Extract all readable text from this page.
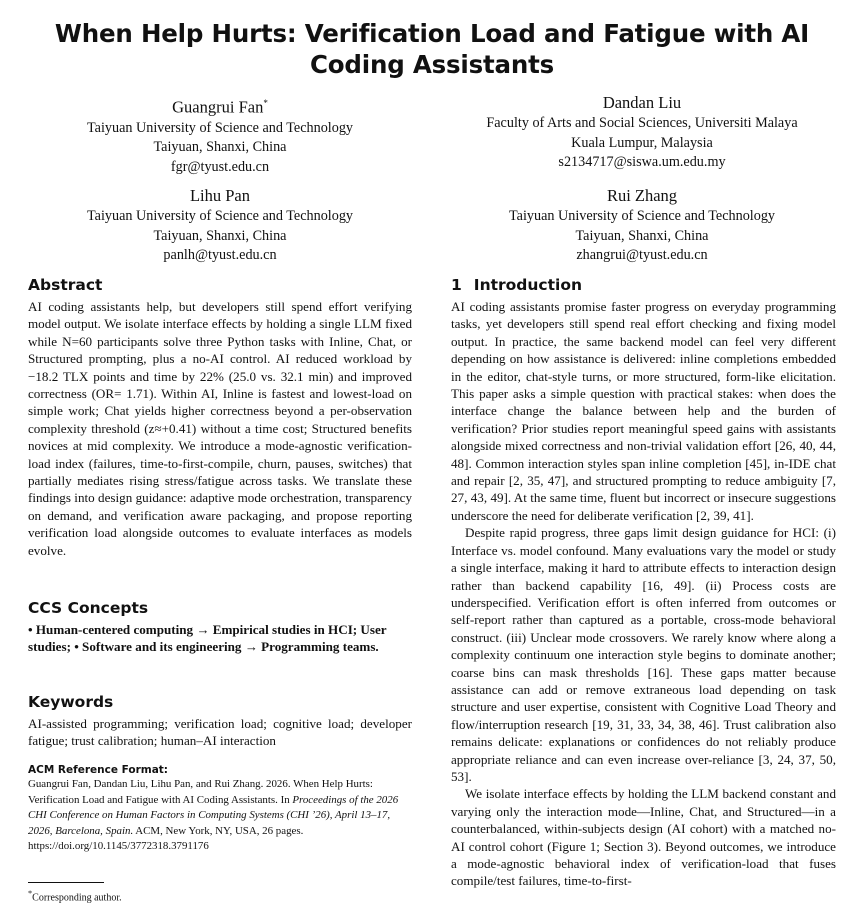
When Help Hurts: Verification Load and Fatigue with AI Coding Assistants
Guangrui Fan*
Taiyuan University of Science and Technology
Taiyuan, Shanxi, China
fgr@tyust.edu.cn
Dandan Liu
Faculty of Arts and Social Sciences, Universiti Malaya
Kuala Lumpur, Malaysia
s2134717@siswa.um.edu.my
Lihu Pan
Taiyuan University of Science and Technology
Taiyuan, Shanxi, China
panlh@tyust.edu.cn
Rui Zhang
Taiyuan University of Science and Technology
Taiyuan, Shanxi, China
zhangrui@tyust.edu.cn
Abstract

AI coding assistants help, but developers still spend effort verifying model output. We isolate interface effects by holding a single LLM fixed while N=60 participants solve three Python tasks with Inline, Chat, or Structured prompting, plus a no-AI control. AI reduced workload by −18.2 TLX points and time by 22% (25.0 vs. 32.1 min) and improved correctness (OR= 1.71). Within AI, Inline is fastest and lowest-load on simple work; Chat yields higher correctness beyond a per-observation complexity threshold (z≈+0.41) without a time cost; Structured benefits novices at mid complexity. We introduce a mode-agnostic verification-load index (failures, time-to-first-compile, churn, pauses, switches) that partially mediates rising stress/fatigue across tasks. We translate these findings into design guidance: adaptive mode orchestration, transparency on demand, and verification aware packaging, and propose reporting verification load alongside outcomes to evaluate interfaces as models evolve.

CCS Concepts

• Human-centered computing → Empirical studies in HCI; User studies; • Software and its engineering → Programming teams.

Keywords

AI-assisted programming; verification load; cognitive load; developer fatigue; trust calibration; human–AI interaction

ACM Reference Format:

Guangrui Fan, Dandan Liu, Lihu Pan, and Rui Zhang. 2026. When Help Hurts: Verification Load and Fatigue with AI Coding Assistants. In Proceedings of the 2026 CHI Conference on Human Factors in Computing Systems (CHI ’26), April 13–17, 2026, Barcelona, Spain. ACM, New York, NY, USA, 26 pages. https://doi.org/10.1145/3772318.3791176

*Corresponding author.
1 Introduction

AI coding assistants promise faster progress on everyday programming tasks, yet developers still spend real effort checking and fixing model output. In practice, the same backend model can feel very different depending on how assistance is delivered: inline completions embedded in the editor, chat-style turns, or more structured, form-like elicitation. This paper asks a simple question with practical stakes: when does the interface change the balance between help and the burden of verification? Prior studies report meaningful speed gains with assistants alongside mixed correctness and non-trivial validation effort [26, 40, 44, 48]. Common interaction styles span inline completion [45], in-IDE chat and repair [2, 35, 47], and structured prompting to reduce ambiguity [7, 27, 43, 49]. At the same time, fluent but incorrect or insecure suggestions underscore the need for deliberate verification [2, 39, 41].

Despite rapid progress, three gaps limit design guidance for HCI: (i) Interface vs. model confound. Many evaluations vary the model or study a single interface, making it hard to attribute effects to interaction design rather than backend capability [16, 49]. (ii) Process costs are underspecified. Verification effort is often inferred from outcomes or self-report rather than captured as a portable, cross-mode behavioral construct. (iii) Unclear mode crossovers. We rarely know where along a complexity continuum one interaction style begins to dominate another; coarse bins can mask thresholds [16]. These gaps matter because assistance can add or remove extraneous load depending on task structure and user expertise, consistent with Cognitive Load Theory and flow/interruption research [19, 31, 33, 34, 38, 46]. Trust calibration also remains delicate: explanations or confidences do not reliably produce appropriate reliance and can even increase over-reliance [3, 24, 37, 50, 53].

We isolate interface effects by holding the LLM backend constant and varying only the interaction mode—Inline, Chat, and Structured—in a counterbalanced, within-subjects design (AI cohort) with a matched no-AI control cohort (Figure 1; Section 3). Beyond outcomes, we introduce a mode-agnostic behavioral index of verification-load that fuses compile/test failures, time-to-first-
